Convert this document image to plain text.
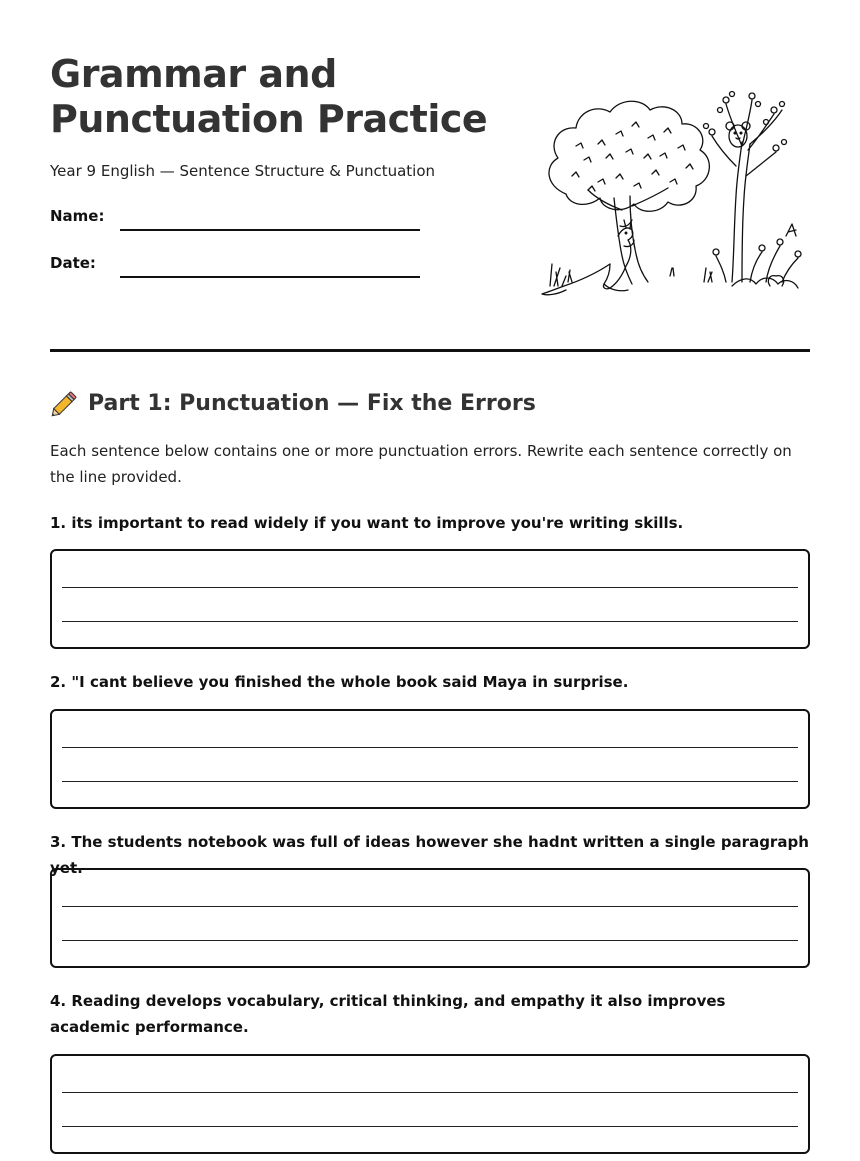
Grammar and Punctuation Practice
Year 9 English — Sentence Structure & Punctuation
Name:
Date:
Part 1: Punctuation — Fix the Errors
Each sentence below contains one or more punctuation errors. Rewrite each sentence correctly on the line provided.
1. its important to read widely if you want to improve you're writing skills.
2. "I cant believe you finished the whole book said Maya in surprise.
3. The students notebook was full of ideas however she hadnt written a single paragraph yet.
4. Reading develops vocabulary, critical thinking, and empathy it also improves academic performance.
